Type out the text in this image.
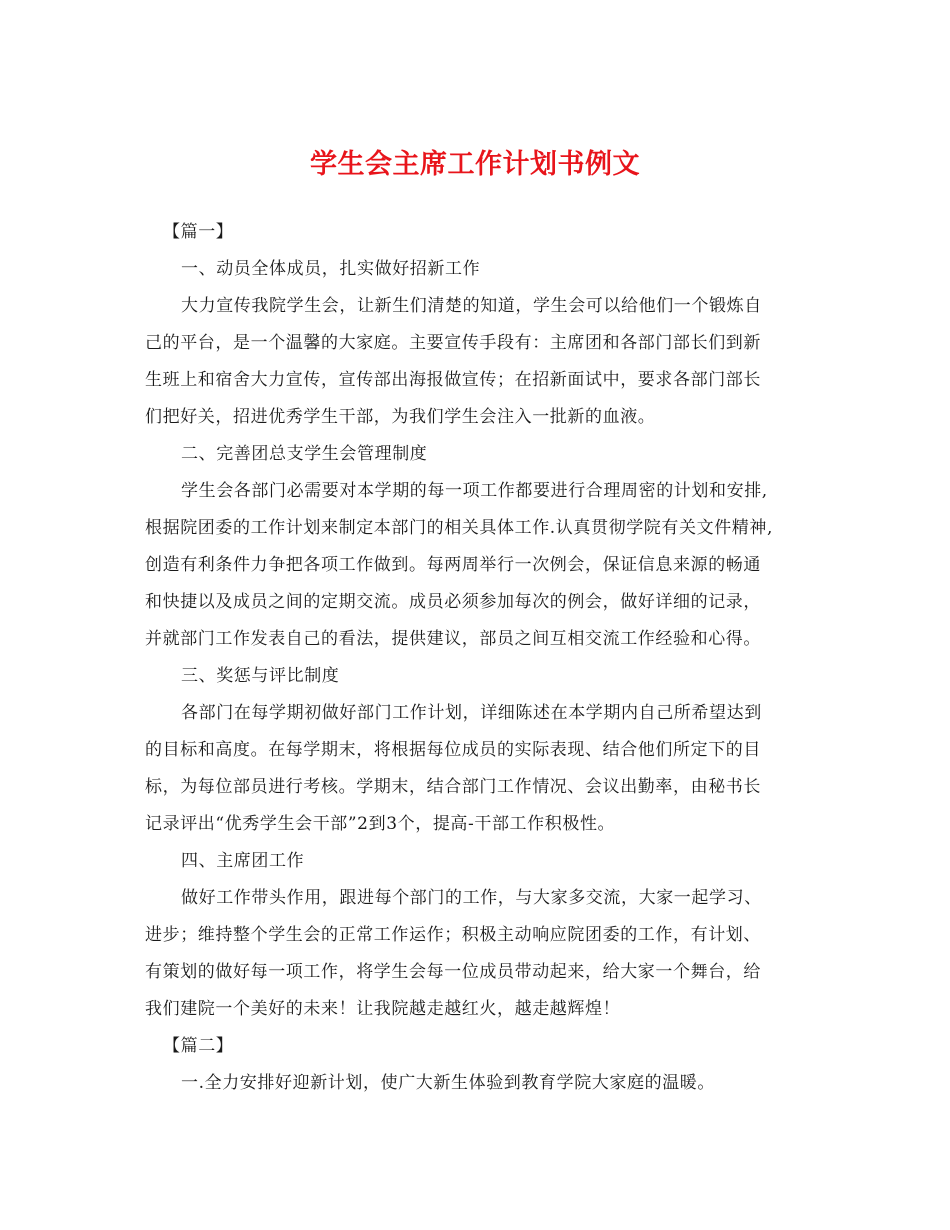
学生会主席工作计划书例文
【篇一】
一、动员全体成员，扎实做好招新工作
大力宣传我院学生会，让新生们清楚的知道，学生会可以给他们一个锻炼自
己的平台，是一个温馨的大家庭。主要宣传手段有：主席团和各部门部长们到新
生班上和宿舍大力宣传，宣传部出海报做宣传；在招新面试中，要求各部门部长
们把好关，招进优秀学生干部，为我们学生会注入一批新的血液。
二、完善团总支学生会管理制度
学生会各部门必需要对本学期的每一项工作都要进行合理周密的计划和安排,
根据院团委的工作计划来制定本部门的相关具体工作.认真贯彻学院有关文件精神,
创造有利条件力争把各项工作做到。每两周举行一次例会，保证信息来源的畅通
和快捷以及成员之间的定期交流。成员必须参加每次的例会，做好详细的记录，
并就部门工作发表自己的看法，提供建议，部员之间互相交流工作经验和心得。
三、奖惩与评比制度
各部门在每学期初做好部门工作计划，详细陈述在本学期内自己所希望达到
的目标和高度。在每学期末，将根据每位成员的实际表现、结合他们所定下的目
标，为每位部员进行考核。学期末，结合部门工作情况、会议出勤率，由秘书长
记录评出“优秀学生会干部”2到3个，提高-干部工作积极性。
四、主席团工作
做好工作带头作用，跟进每个部门的工作，与大家多交流，大家一起学习、
进步；维持整个学生会的正常工作运作；积极主动响应院团委的工作，有计划、
有策划的做好每一项工作，将学生会每一位成员带动起来，给大家一个舞台，给
我们建院一个美好的未来！让我院越走越红火，越走越辉煌！
【篇二】
一.全力安排好迎新计划，使广大新生体验到教育学院大家庭的温暖。
